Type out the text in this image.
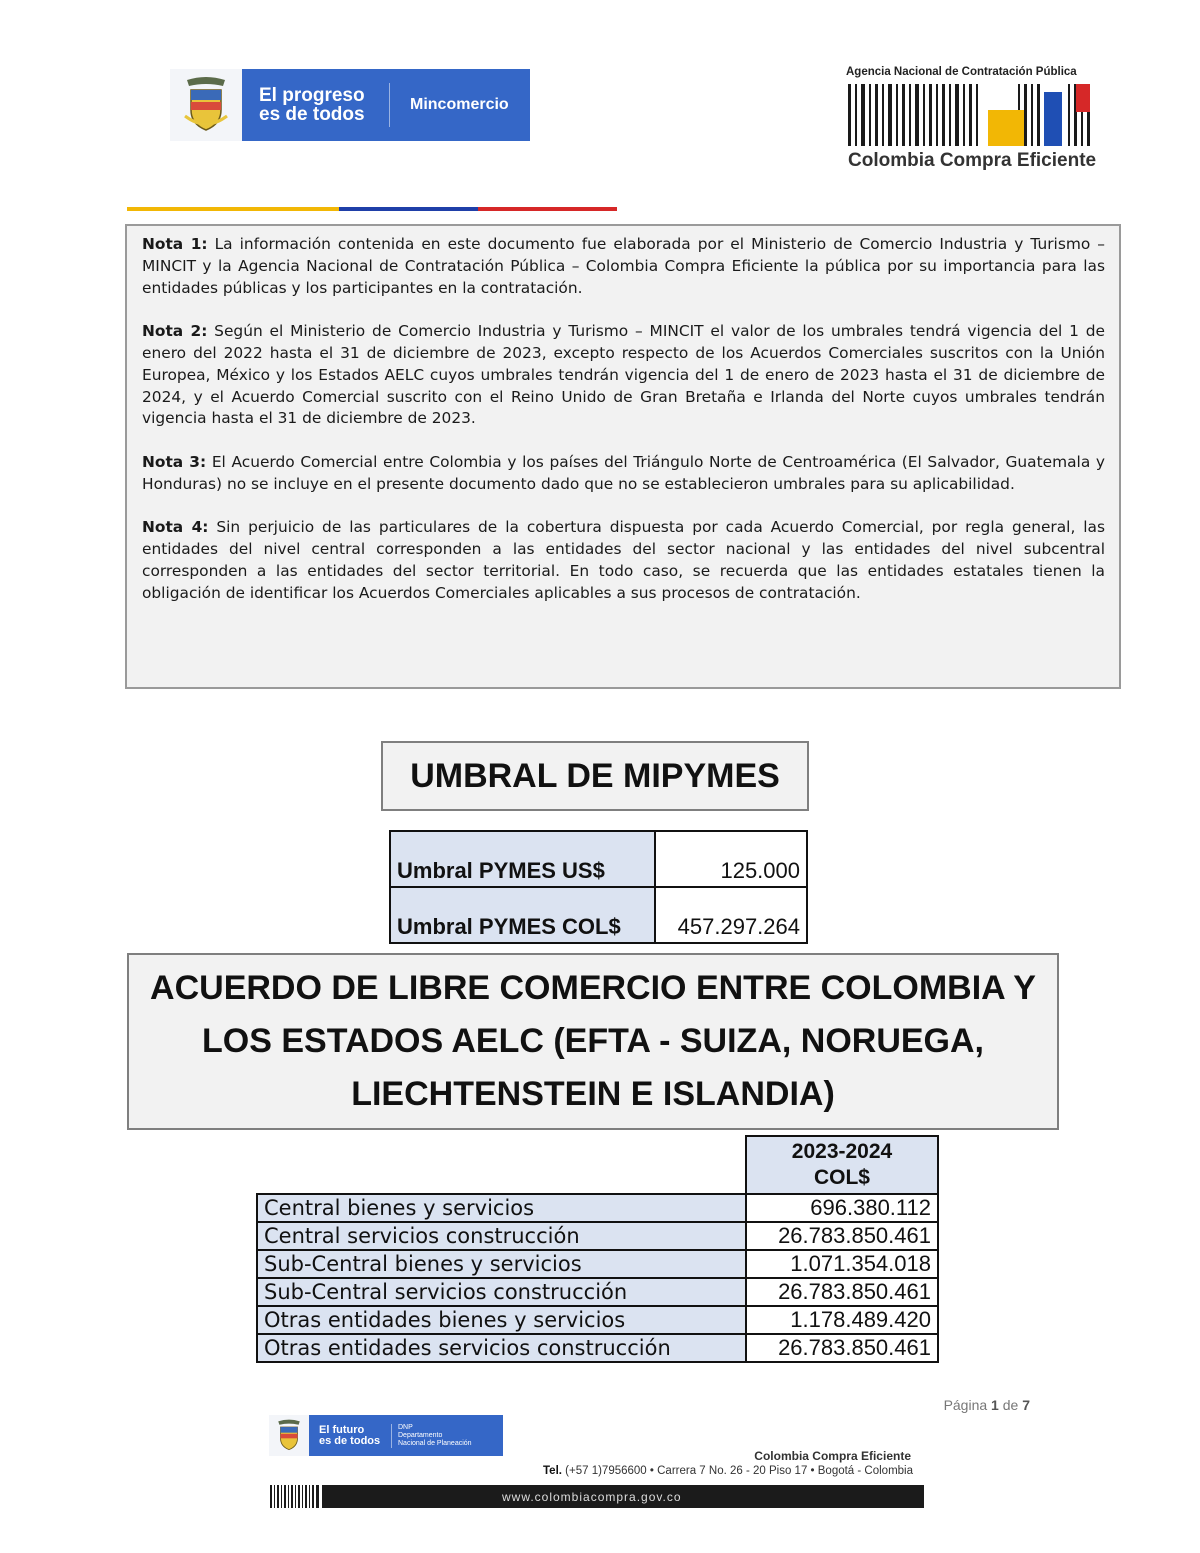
El progreso
es de todos	Mincomercio
Agencia Nacional de Contratación Pública
Colombia Compra Eficiente

Nota 1: La información contenida en este documento fue elaborada por el Ministerio de Comercio Industria y Turismo – MINCIT y la Agencia Nacional de Contratación Pública – Colombia Compra Eficiente la pública por su importancia para las entidades públicas y los participantes en la contratación.

Nota 2: Según el Ministerio de Comercio Industria y Turismo – MINCIT el valor de los umbrales tendrá vigencia del 1 de enero del 2022 hasta el 31 de diciembre de 2023, excepto respecto de los Acuerdos Comerciales suscritos con la Unión Europea, México y los Estados AELC cuyos umbrales tendrán vigencia del 1 de enero de 2023 hasta el 31 de diciembre de 2024, y el Acuerdo Comercial suscrito con el Reino Unido de Gran Bretaña e Irlanda del Norte cuyos umbrales tendrán vigencia hasta el 31 de diciembre de 2023.

Nota 3: El Acuerdo Comercial entre Colombia y los países del Triángulo Norte de Centroamérica (El Salvador, Guatemala y Honduras) no se incluye en el presente documento dado que no se establecieron umbrales para su aplicabilidad.

Nota 4: Sin perjuicio de las particulares de la cobertura dispuesta por cada Acuerdo Comercial, por regla general, las entidades del nivel central corresponden a las entidades del sector nacional y las entidades del nivel subcentral corresponden a las entidades del sector territorial. En todo caso, se recuerda que las entidades estatales tienen la obligación de identificar los Acuerdos Comerciales aplicables a sus procesos de contratación.

UMBRAL DE MIPYMES
Umbral PYMES US$	125.000
Umbral PYMES COL$	457.297.264
ACUERDO DE LIBRE COMERCIO ENTRE COLOMBIA Y LOS ESTADOS AELC (EFTA - SUIZA, NORUEGA, LIECHTENSTEIN E ISLANDIA)

	2023-2024
COL$

Central bienes y servicios	696.380.112
Central servicios construcción	26.783.850.461
Sub-Central bienes y servicios	1.071.354.018
Sub-Central servicios construcción	26.783.850.461
Otras entidades bienes y servicios	1.178.489.420
Otras entidades servicios construcción	26.783.850.461
Página 1 de 7
El futuro
es de todos
DNP
Departamento
Nacional de Planeación
Colombia Compra Eficiente
Tel. (+57 1)7956600 • Carrera 7 No. 26 - 20 Piso 17 • Bogotá - Colombia
www.colombiacompra.gov.co
